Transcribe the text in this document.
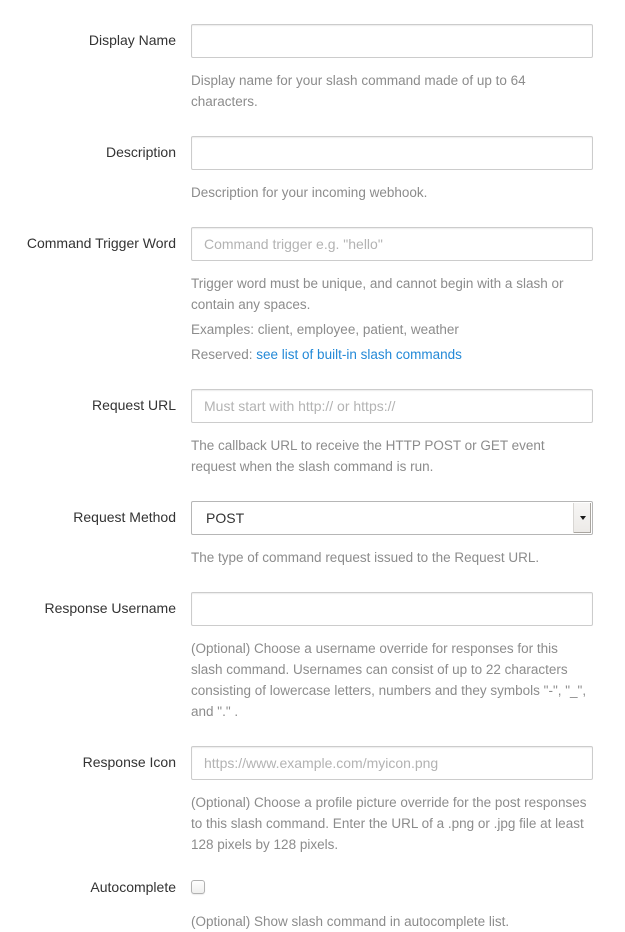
Display Name

Display name for your slash command made of up to 64 characters.

Description

Description for your incoming webhook.

Command Trigger Word
Command trigger e.g. "hello"

Trigger word must be unique, and cannot begin with a slash or contain any spaces.

Examples: client, employee, patient, weather

Reserved: see list of built-in slash commands

Request URL
Must start with http:// or https://

The callback URL to receive the HTTP POST or GET event request when the slash command is run.

Request Method	POST

The type of command request issued to the Request URL.

Response Username

(Optional) Choose a username override for responses for this slash command. Usernames can consist of up to 22 characters consisting of lowercase letters, numbers and they symbols "-", "_", and "." .

Response Icon
https://www.example.com/myicon.png

(Optional) Choose a profile picture override for the post responses to this slash command. Enter the URL of a .png or .jpg file at least 128 pixels by 128 pixels.

Autocomplete

(Optional) Show slash command in autocomplete list.
